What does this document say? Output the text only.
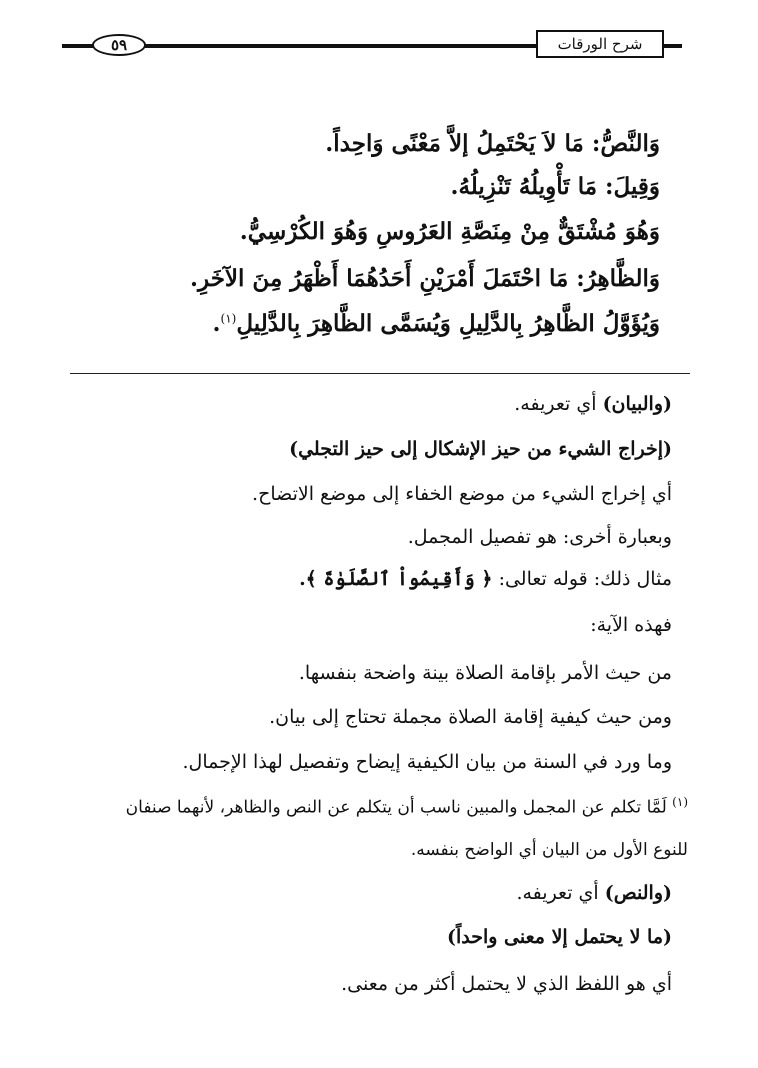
شرح الورقات
٥٩
وَالنَّصُّ: مَا لاَ يَحْتَمِلُ إلاَّ مَعْنًى وَاحِداً.
وَقِيلَ: مَا تَأْوِيلُهُ تَنْزِيلُهُ.
وَهُوَ مُشْتَقٌّ مِنْ مِنَصَّةِ العَرُوسِ وَهُوَ الكُرْسِيُّ.
وَالظَّاهِرُ: مَا احْتَمَلَ أَمْرَيْنِ أَحَدُهُمَا أَظْهَرُ مِنَ الآخَرِ.
وَيُؤَوَّلُ الظَّاهِرُ بِالدَّلِيلِ وَيُسَمَّى الظَّاهِرَ بِالدَّلِيلِ$^{(١)}$.
(والبيان) أي تعريفه.
(إخراج الشيء من حيز الإشكال إلى حيز التجلي)
أي إخراج الشيء من موضع الخفاء إلى موضع الاتضاح.
وبعبارة أخرى: هو تفصيل المجمل.
مثال ذلك: قوله تعالى: ﴿ وَأَقِيمُواْ ٱلصَّلَوٰةَ ﴾.
فهذه الآية:
من حيث الأمر بإقامة الصلاة بينة واضحة بنفسها.
ومن حيث كيفية إقامة الصلاة مجملة تحتاج إلى بيان.
وما ورد في السنة من بيان الكيفية إيضاح وتفصيل لهذا الإجمال.
$^{(١)}$ لَمَّا تكلم عن المجمل والمبين ناسب أن يتكلم عن النص والظاهر، لأنهما صنفان
للنوع الأول من البيان أي الواضح بنفسه.
(والنص) أي تعريفه.
(ما لا يحتمل إلا معنى واحداً)
أي هو اللفظ الذي لا يحتمل أكثر من معنى.
